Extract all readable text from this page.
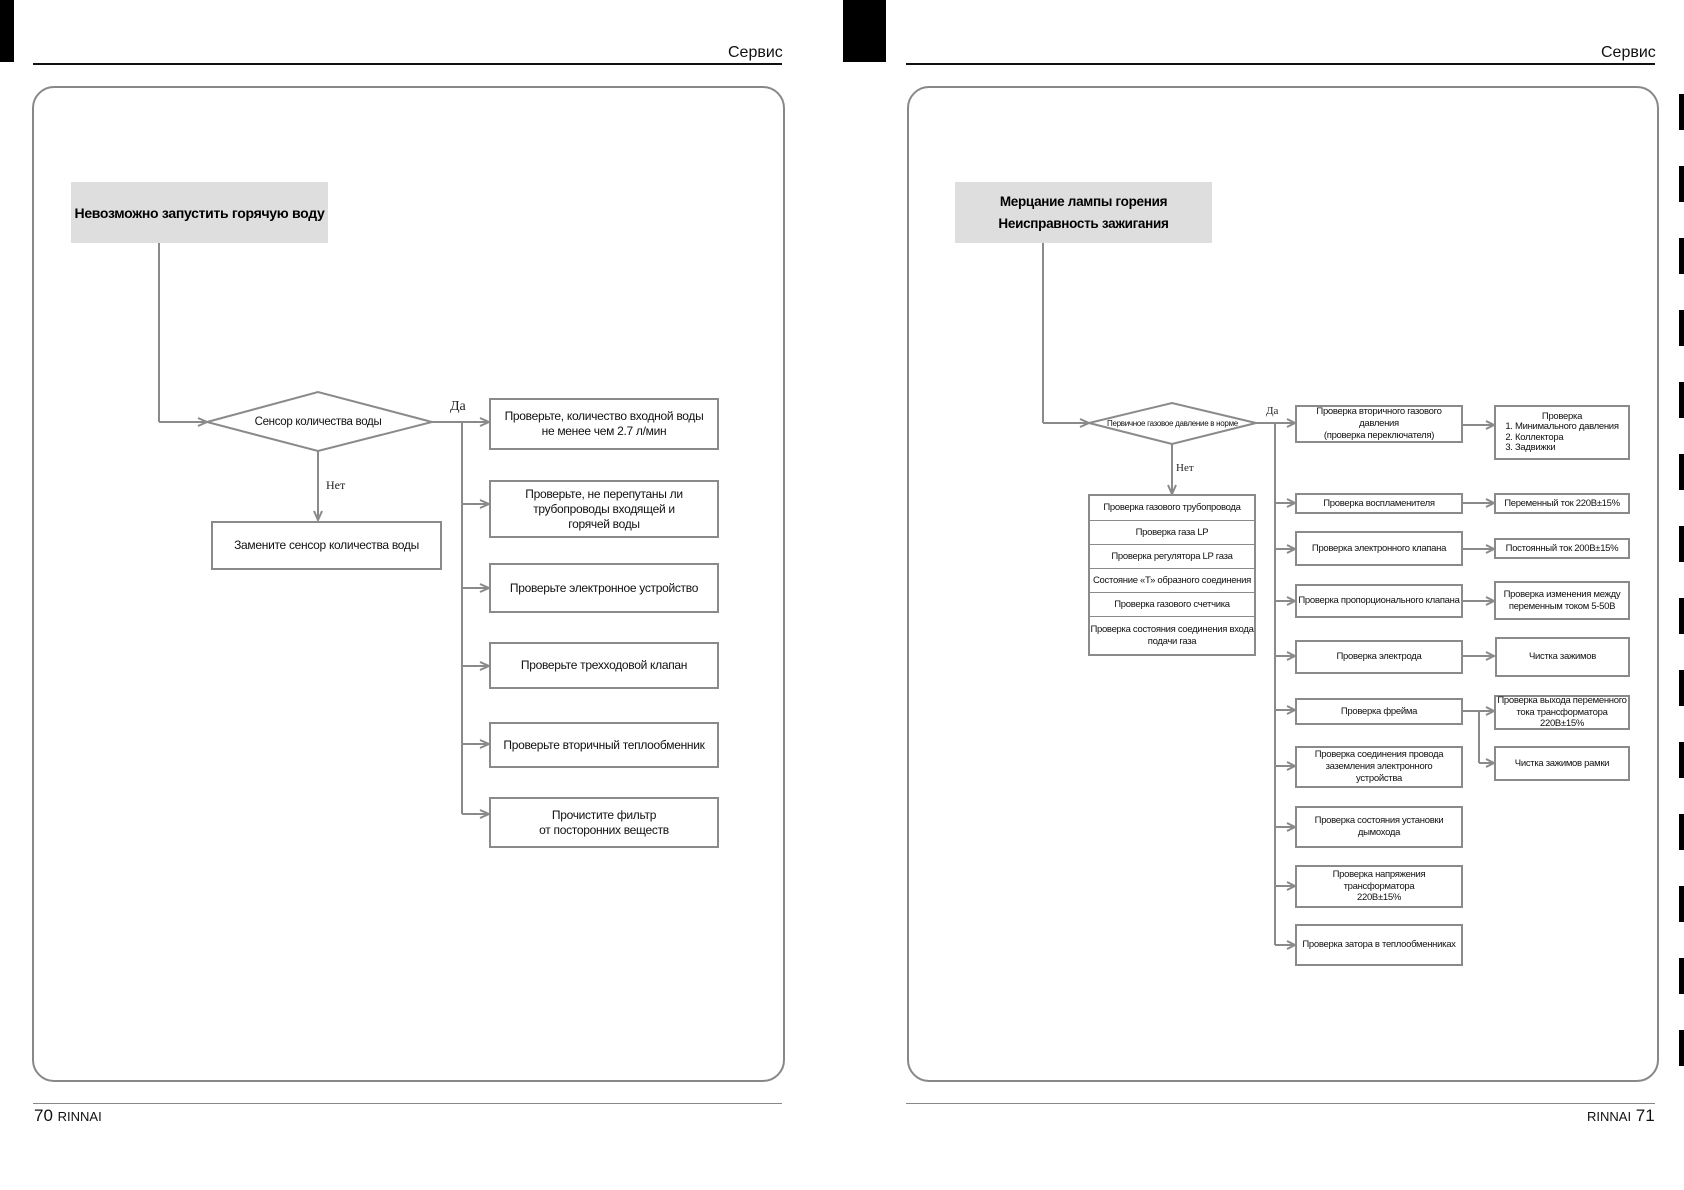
Сервис
Невозможно запустить горячую воду
Сенсор количества воды
Да
Нет
Замените сенсор количества воды
Проверьте, количество входной воды
не менее чем 2.7 л/мин
Проверьте, не перепутаны ли
трубопроводы входящей и
горячей воды
Проверьте электронное устройство
Проверьте трехходовой клапан
Проверьте вторичный теплообменник
Прочистите фильтр
от посторонних веществ
70 RINNAI
Сервис
Мерцание лампы горения
Неисправность зажигания
Первичное газовое давление в норме
Да
Нет
Проверка газового трубопровода
Проверка газа LP
Проверка регулятора LP газа
Состояние «Т» образного соединения
Проверка газового счетчика
Проверка состояния соединения входа
подачи газа
Проверка вторичного газового давления
(проверка переключателя)
Проверка воспламенителя
Проверка электронного клапана
Проверка пропорционального клапана
Проверка электрода
Проверка фрейма
Проверка соединения провода
заземления электронного
устройства
Проверка состояния установки
дымохода
Проверка напряжения трансформатора
220В±15%
Проверка затора в теплообменниках
Проверка
1. Минимального давления
2. Коллектора
3. Задвижки
Переменный ток 220В±15%
Постоянный ток 200В±15%
Проверка изменения между
переменным током 5-50В
Чистка зажимов
Проверка выхода переменного
тока трансформатора 220В±15%
Чистка зажимов рамки
RINNAI 71
